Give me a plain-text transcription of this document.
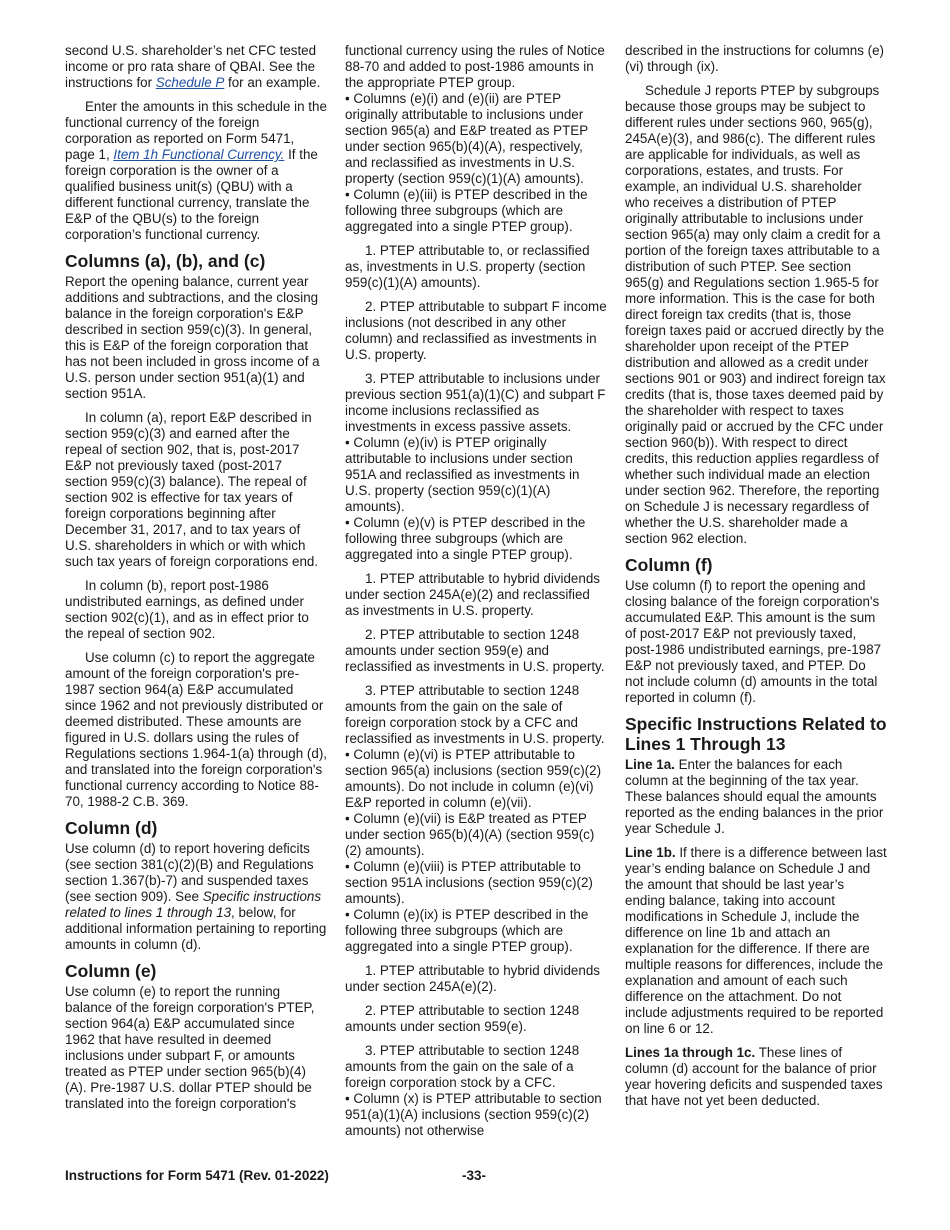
second U.S. shareholder’s net CFC tested income or pro rata share of QBAI. See the instructions for Schedule P for an example.

Enter the amounts in this schedule in the functional currency of the foreign corporation as reported on Form 5471, page 1, Item 1h Functional Currency. If the foreign corporation is the owner of a qualified business unit(s) (QBU) with a different functional currency, translate the E&P of the QBU(s) to the foreign corporation’s functional currency.

Columns (a), (b), and (c)

Report the opening balance, current year additions and subtractions, and the closing balance in the foreign corporation's E&P described in section 959(c)(3). In general, this is E&P of the foreign corporation that has not been included in gross income of a U.S. person under section 951(a)(1) and section 951A.

In column (a), report E&P described in section 959(c)(3) and earned after the repeal of section 902, that is, post-2017 E&P not previously taxed (post-2017 section 959(c)(3) balance). The repeal of section 902 is effective for tax years of foreign corporations beginning after December 31, 2017, and to tax years of U.S. shareholders in which or with which such tax years of foreign corporations end.

In column (b), report post-1986 undistributed earnings, as defined under section 902(c)(1), and as in effect prior to the repeal of section 902.

Use column (c) to report the aggregate amount of the foreign corporation's pre-1987 section 964(a) E&P accumulated since 1962 and not previously distributed or deemed distributed. These amounts are figured in U.S. dollars using the rules of Regulations sections 1.964-1(a) through (d), and translated into the foreign corporation's functional currency according to Notice 88-70, 1988-2 C.B. 369.

Column (d)

Use column (d) to report hovering deficits (see section 381(c)(2)(B) and Regulations section 1.367(b)-7) and suspended taxes (see section 909). See Specific instructions related to lines 1 through 13, below, for additional information pertaining to reporting amounts in column (d).

Column (e)

Use column (e) to report the running balance of the foreign corporation's PTEP, section 964(a) E&P accumulated since 1962 that have resulted in deemed inclusions under subpart F, or amounts treated as PTEP under section 965(b)(4)(A). Pre-1987 U.S. dollar PTEP should be translated into the foreign corporation's

functional currency using the rules of Notice 88-70 and added to post-1986 amounts in the appropriate PTEP group.

• Columns (e)(i) and (e)(ii) are PTEP originally attributable to inclusions under section 965(a) and E&P treated as PTEP under section 965(b)(4)(A), respectively, and reclassified as investments in U.S. property (section 959(c)(1)(A) amounts).

• Column (e)(iii) is PTEP described in the following three subgroups (which are aggregated into a single PTEP group).

1. PTEP attributable to, or reclassified as, investments in U.S. property (section 959(c)(1)(A) amounts).

2. PTEP attributable to subpart F income inclusions (not described in any other column) and reclassified as investments in U.S. property.

3. PTEP attributable to inclusions under previous section 951(a)(1)(C) and subpart F income inclusions reclassified as investments in excess passive assets.

• Column (e)(iv) is PTEP originally attributable to inclusions under section 951A and reclassified as investments in U.S. property (section 959(c)(1)(A) amounts).

• Column (e)(v) is PTEP described in the following three subgroups (which are aggregated into a single PTEP group).

1. PTEP attributable to hybrid dividends under section 245A(e)(2) and reclassified as investments in U.S. property.

2. PTEP attributable to section 1248 amounts under section 959(e) and reclassified as investments in U.S. property.

3. PTEP attributable to section 1248 amounts from the gain on the sale of foreign corporation stock by a CFC and reclassified as investments in U.S. property.

• Column (e)(vi) is PTEP attributable to section 965(a) inclusions (section 959(c)(2) amounts). Do not include in column (e)(vi) E&P reported in column (e)(vii).

• Column (e)(vii) is E&P treated as PTEP under section 965(b)(4)(A) (section 959(c)(2) amounts).

• Column (e)(viii) is PTEP attributable to section 951A inclusions (section 959(c)(2) amounts).

• Column (e)(ix) is PTEP described in the following three subgroups (which are aggregated into a single PTEP group).

1. PTEP attributable to hybrid dividends under section 245A(e)(2).

2. PTEP attributable to section 1248 amounts under section 959(e).

3. PTEP attributable to section 1248 amounts from the gain on the sale of a foreign corporation stock by a CFC.

• Column (x) is PTEP attributable to section 951(a)(1)(A) inclusions (section 959(c)(2) amounts) not otherwise

described in the instructions for columns (e)(vi) through (ix).

Schedule J reports PTEP by subgroups because those groups may be subject to different rules under sections 960, 965(g), 245A(e)(3), and 986(c). The different rules are applicable for individuals, as well as corporations, estates, and trusts. For example, an individual U.S. shareholder who receives a distribution of PTEP originally attributable to inclusions under section 965(a) may only claim a credit for a portion of the foreign taxes attributable to a distribution of such PTEP. See section 965(g) and Regulations section 1.965-5 for more information. This is the case for both direct foreign tax credits (that is, those foreign taxes paid or accrued directly by the shareholder upon receipt of the PTEP distribution and allowed as a credit under sections 901 or 903) and indirect foreign tax credits (that is, those taxes deemed paid by the shareholder with respect to taxes originally paid or accrued by the CFC under section 960(b)). With respect to direct credits, this reduction applies regardless of whether such individual made an election under section 962. Therefore, the reporting on Schedule J is necessary regardless of whether the U.S. shareholder made a section 962 election.

Column (f)

Use column (f) to report the opening and closing balance of the foreign corporation's accumulated E&P. This amount is the sum of post-2017 E&P not previously taxed, post-1986 undistributed earnings, pre-1987 E&P not previously taxed, and PTEP. Do not include column (d) amounts in the total reported in column (f).

Specific Instructions Related to Lines 1 Through 13

Line 1a. Enter the balances for each column at the beginning of the tax year. These balances should equal the amounts reported as the ending balances in the prior year Schedule J.

Line 1b. If there is a difference between last year’s ending balance on Schedule J and the amount that should be last year’s ending balance, taking into account modifications in Schedule J, include the difference on line 1b and attach an explanation for the difference. If there are multiple reasons for differences, include the explanation and amount of each such difference on the attachment. Do not include adjustments required to be reported on line 6 or 12.

Lines 1a through 1c. These lines of column (d) account for the balance of prior year hovering deficits and suspended taxes that have not yet been deducted.

Instructions for Form 5471 (Rev. 01-2022)	-33-
